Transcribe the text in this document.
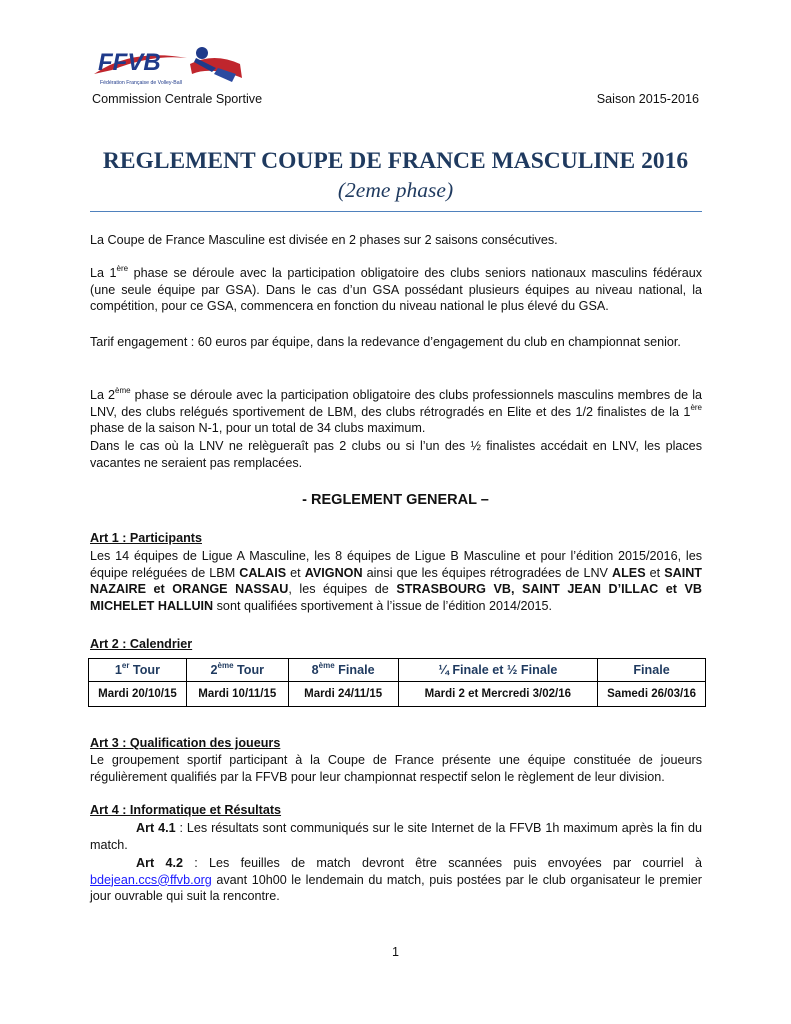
FFVB
Fédération Française de Volley-Ball
Commission Centrale Sportive	Saison 2015-2016
REGLEMENT COUPE DE FRANCE MASCULINE 2016
(2eme phase)
La Coupe de France Masculine est divisée en 2 phases sur 2 saisons consécutives.
La 1ère phase se déroule avec la participation obligatoire des clubs seniors nationaux masculins fédéraux (une seule équipe par GSA). Dans le cas d’un GSA possédant plusieurs équipes au niveau national, la compétition, pour ce GSA, commencera en fonction du niveau national le plus élevé du GSA.
Tarif engagement : 60 euros par équipe, dans la redevance d’engagement du club en championnat senior.
La 2ème phase se déroule avec la participation obligatoire des clubs professionnels masculins membres de la LNV, des clubs relégués sportivement de LBM, des clubs rétrogradés en Elite et des 1/2 finalistes de la 1ère phase de la saison N-1, pour un total de 34 clubs maximum.
Dans le cas où la LNV ne relègueraît pas 2 clubs ou si l’un des ½ finalistes accédait en LNV, les places vacantes ne seraient pas remplacées.
- REGLEMENT GENERAL –
Art 1 : Participants
Les 14 équipes de Ligue A Masculine, les 8 équipes de Ligue B Masculine et pour l’édition 2015/2016, les équipe reléguées de LBM CALAIS et AVIGNON ainsi que les équipes rétrogradées de LNV ALES et SAINT NAZAIRE et ORANGE NASSAU, les équipes de STRASBOURG VB, SAINT JEAN D’ILLAC et VB MICHELET HALLUIN sont qualifiées sportivement à l’issue de l’édition 2014/2015.
Art 2 : Calendrier
1er Tour	2ème Tour	8ème Finale	¼ Finale et ½ Finale	Finale
Mardi 20/10/15	Mardi 10/11/15	Mardi 24/11/15	Mardi 2 et Mercredi 3/02/16	Samedi 26/03/16
Art 3 : Qualification des joueurs
Le groupement sportif participant à la Coupe de France présente une équipe constituée de joueurs régulièrement qualifiés par la FFVB pour leur championnat respectif selon le règlement de leur division.
Art 4 : Informatique et Résultats
Art 4.1 : Les résultats sont communiqués sur le site Internet de la FFVB 1h maximum après la fin du match.
Art 4.2 : Les feuilles de match devront être scannées puis envoyées par courriel à bdejean.ccs@ffvb.org avant 10h00 le lendemain du match, puis postées par le club organisateur le premier jour ouvrable qui suit la rencontre.
1
